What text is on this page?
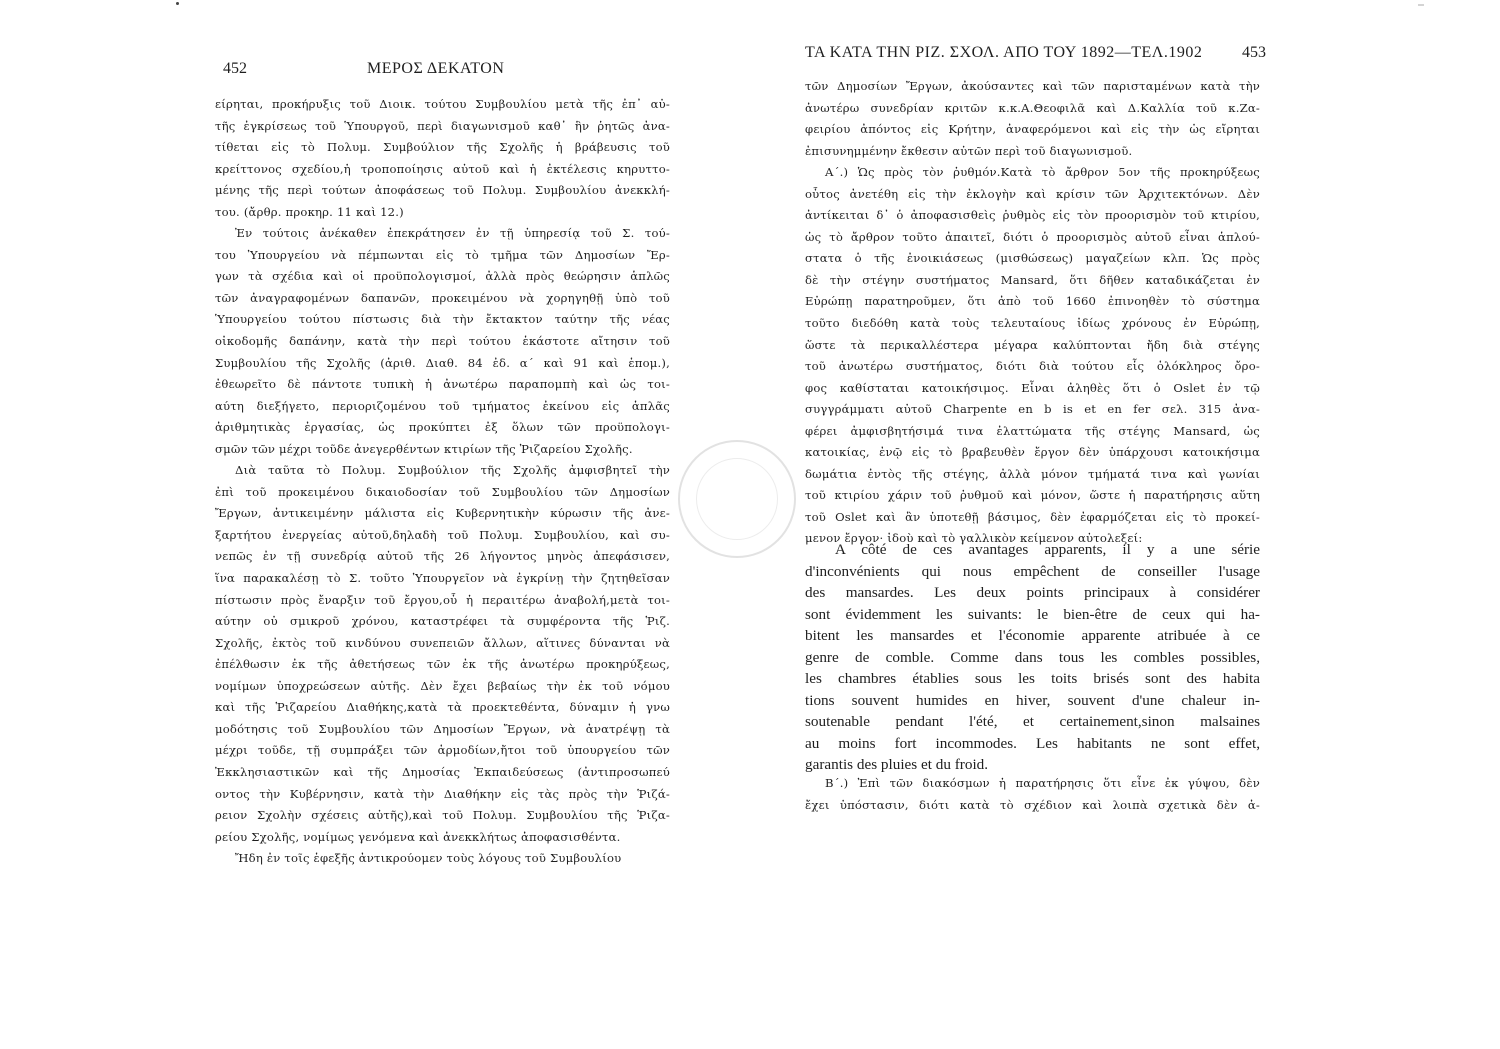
452	ΜΕΡΟΣ ΔΕΚΑΤΟΝ
είρηται, προκήρυξις τοῦ Διοικ. τούτου Συμβουλίου μετὰ τῆς ἐπ᾽ αὐ-
τῆς ἐγκρίσεως τοῦ Ὑπουργοῦ, περὶ διαγωνισμοῦ καθ᾽ ἣν ῥητῶς ἀνα-
τίθεται εἰς τὸ Πολυμ. Συμβούλιον τῆς Σχολῆς ἡ βράβευσις τοῦ
κρείττονος σχεδίου,ἡ τροποποίησις αὐτοῦ καὶ ἡ ἐκτέλεσις κηρυττο-
μένης τῆς περὶ τούτων ἀποφάσεως τοῦ Πολυμ. Συμβουλίου ἀνεκκλή-
του. (ἄρθρ. προκηρ. 11 καὶ 12.)
Ἐν τούτοις ἀνέκαθεν ἐπεκράτησεν ἐν τῇ ὑπηρεσίᾳ τοῦ Σ. τού-
του Ὑπουργείου νὰ πέμπωνται εἰς τὸ τμῆμα τῶν Δημοσίων Ἔρ-
γων τὰ σχέδια καὶ οἱ προϋπολογισμοί, ἀλλὰ πρὸς θεώρησιν ἁπλῶς
τῶν ἀναγραφομένων δαπανῶν, προκειμένου νὰ χορηγηθῇ ὑπὸ τοῦ
Ὑπουργείου τούτου πίστωσις διὰ τὴν ἔκτακτον ταύτην τῆς νέας
οἰκοδομῆς δαπάνην, κατὰ τὴν περὶ τούτου ἑκάστοτε αἴτησιν τοῦ
Συμβουλίου τῆς Σχολῆς (ἀριθ. Διαθ. 84 ἐδ. α΄ καὶ 91 καὶ ἑπομ.),
ἐθεωρεῖτο δὲ πάντοτε τυπικὴ ἡ ἀνωτέρω παραπομπὴ καὶ ὡς τοι-
αύτη διεξήγετο, περιοριζομένου τοῦ τμήματος ἐκείνου εἰς ἁπλᾶς
ἀριθμητικὰς ἐργασίας, ὡς προκύπτει ἐξ ὅλων τῶν προϋπολογι-
σμῶν τῶν μέχρι τοῦδε ἀνεγερθέντων κτιρίων τῆς Ῥιζαρείου Σχολῆς.
Διὰ ταῦτα τὸ Πολυμ. Συμβούλιον τῆς Σχολῆς ἀμφισβητεῖ τὴν
ἐπὶ τοῦ προκειμένου δικαιοδοσίαν τοῦ Συμβουλίου τῶν Δημοσίων
Ἔργων, ἀντικειμένην μάλιστα εἰς Κυβερνητικὴν κύρωσιν τῆς ἀνε-
ξαρτήτου ἐνεργείας αὐτοῦ,δηλαδὴ τοῦ Πολυμ. Συμβουλίου, καὶ συ-
νεπῶς ἐν τῇ συνεδρίᾳ αὐτοῦ τῆς 26 λήγοντος μηνὸς ἀπεφάσισεν,
ἵνα παρακαλέσῃ τὸ Σ. τοῦτο Ὑπουργεῖον νὰ ἐγκρίνῃ τὴν ζητηθεῖσαν
πίστωσιν πρὸς ἔναρξιν τοῦ ἔργου,οὗ ἡ περαιτέρω ἀναβολή,μετὰ τοι-
αύτην οὐ σμικροῦ χρόνου, καταστρέφει τὰ συμφέροντα τῆς Ῥιζ.
Σχολῆς, ἐκτὸς τοῦ κινδύνου συνεπειῶν ἄλλων, αἵτινες δύνανται νὰ
ἐπέλθωσιν ἐκ τῆς ἀθετήσεως τῶν ἐκ τῆς ἀνωτέρω προκηρύξεως,
νομίμων ὑποχρεώσεων αὐτῆς. Δὲν ἔχει βεβαίως τὴν ἐκ τοῦ νόμου
καὶ τῆς Ῥιζαρείου Διαθήκης,κατὰ τὰ προεκτεθέντα, δύναμιν ἡ γνω
μοδότησις τοῦ Συμβουλίου τῶν Δημοσίων Ἔργων, νὰ ἀνατρέψῃ τὰ
μέχρι τοῦδε, τῇ συμπράξει τῶν ἁρμοδίων,ἤτοι τοῦ ὑπουργείου τῶν
Ἐκκλησιαστικῶν καὶ τῆς Δημοσίας Ἐκπαιδεύσεως (ἀντιπροσωπεύ
οντος τὴν Κυβέρνησιν, κατὰ τὴν Διαθήκην εἰς τὰς πρὸς τὴν Ῥιζά-
ρειον Σχολὴν σχέσεις αὐτῆς),καὶ τοῦ Πολυμ. Συμβουλίου τῆς Ῥιζα-
ρείου Σχολῆς, νομίμως γενόμενα καὶ ἀνεκκλήτως ἀποφασισθέντα.
Ἤδη ἐν τοῖς ἑφεξῆς ἀντικρούομεν τοὺς λόγους τοῦ Συμβουλίου
ΤΑ ΚΑΤΑ ΤΗΝ ΡΙΖ. ΣΧΟΛ. ΑΠΟ ΤΟΥ 1892—ΤΕΛ.1902 453
τῶν Δημοσίων Ἔργων, ἀκούσαντες καὶ τῶν παρισταμένων κατὰ τὴν
ἀνωτέρω συνεδρίαν κριτῶν κ.κ.Α.Θεοφιλᾶ καὶ Δ.Καλλία τοῦ κ.Ζα-
φειρίου ἀπόντος εἰς Κρήτην, ἀναφερόμενοι καὶ εἰς τὴν ὡς εἴρηται
ἐπισυνημμένην ἔκθεσιν αὐτῶν περὶ τοῦ διαγωνισμοῦ.
Α΄.) Ὡς πρὸς τὸν ῥυθμόν.Κατὰ τὸ ἄρθρον 5ον τῆς προκηρύξεως
οὗτος ἀνετέθη εἰς τὴν ἐκλογὴν καὶ κρίσιν τῶν Ἀρχιτεκτόνων. Δὲν
ἀντίκειται δ᾽ ὁ ἀποφασισθεὶς ῥυθμὸς εἰς τὸν προορισμὸν τοῦ κτιρίου,
ὡς τὸ ἄρθρον τοῦτο ἀπαιτεῖ, διότι ὁ προορισμὸς αὐτοῦ εἶναι ἁπλού-
στατα ὁ τῆς ἐνοικιάσεως (μισθώσεως) μαγαζείων κλπ. Ὡς πρὸς
δὲ τὴν στέγην συστήματος Mansard, ὅτι δῆθεν καταδικάζεται ἐν
Εὐρώπῃ παρατηροῦμεν, ὅτι ἀπὸ τοῦ 1660 ἐπινοηθὲν τὸ σύστημα
τοῦτο διεδόθη κατὰ τοὺς τελευταίους ἰδίως χρόνους ἐν Εὐρώπῃ,
ὥστε τὰ περικαλλέστερα μέγαρα καλύπτονται ἤδη διὰ στέγης
τοῦ ἀνωτέρω συστήματος, διότι διὰ τούτου εἷς ὁλόκληρος ὄρο-
φος καθίσταται κατοικήσιμος. Εἶναι ἀληθὲς ὅτι ὁ Oslet ἐν τῷ
συγγράμματι αὐτοῦ Charpente en b is et en fer σελ. 315 ἀνα-
φέρει ἀμφισβητήσιμά τινα ἐλαττώματα τῆς στέγης Mansard, ὡς
κατοικίας, ἐνῷ εἰς τὸ βραβευθὲν ἔργον δὲν ὑπάρχουσι κατοικήσιμα
δωμάτια ἐντὸς τῆς στέγης, ἀλλὰ μόνον τμήματά τινα καὶ γωνίαι
τοῦ κτιρίου χάριν τοῦ ῥυθμοῦ καὶ μόνον, ὥστε ἡ παρατήρησις αὕτη
τοῦ Oslet καὶ ἂν ὑποτεθῇ βάσιμος, δὲν ἐφαρμόζεται εἰς τὸ προκεί-
μενον ἔργον· ἰδοὺ καὶ τὸ γαλλικὸν κείμενον αὐτολεξεί:
A côté de ces avantages apparents, il y a une série
d'inconvénients qui nous empêchent de conseiller l'usage
des mansardes. Les deux points principaux à considérer
sont évidemment les suivants: le bien-être de ceux qui ha-
bitent les mansardes et l'économie apparente atribuée à ce
genre de comble. Comme dans tous les combles possibles,
les chambres établies sous les toits brisés sont des habita
tions souvent humides en hiver, souvent d'une chaleur in-
soutenable pendant l'été, et certainement,sinon malsaines
au moins fort incommodes. Les habitants ne sont effet,
garantis des pluies et du froid.
Β΄.) Ἐπὶ τῶν διακόσμων ἡ παρατήρησις ὅτι εἶνε ἐκ γύψου, δὲν
ἔχει ὑπόστασιν, διότι κατὰ τὸ σχέδιον καὶ λοιπὰ σχετικὰ δὲν ἀ-
